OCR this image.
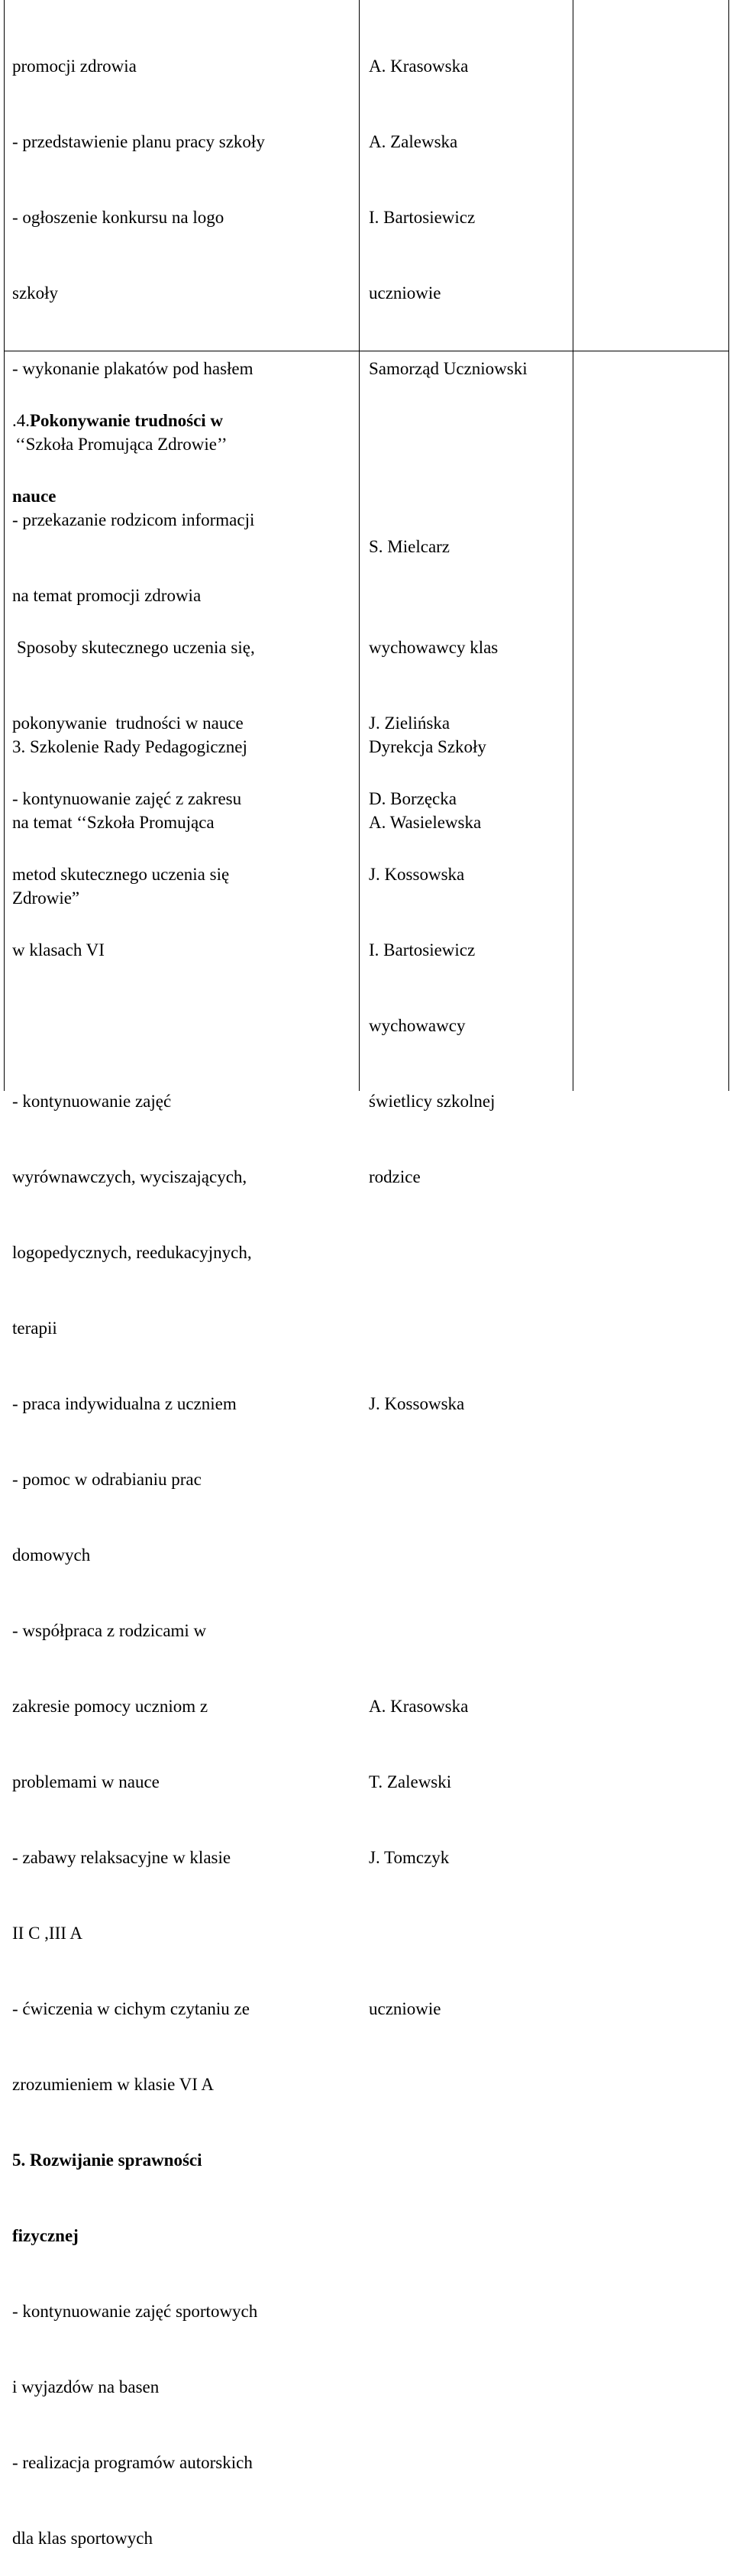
promocji zdrowia

- przedstawienie planu pracy szkoły

- ogłoszenie konkursu na logo

szkoły

- wykonanie plakatów pod hasłem

‘‘Szkoła Promująca Zdrowie’’

- przekazanie rodzicom informacji

na temat promocji zdrowia

3. Szkolenie Rady Pedagogicznej

na temat ‘‘Szkoła Promująca

Zdrowie”

A. Krasowska

A. Zalewska

I. Bartosiewicz

uczniowie

Samorząd Uczniowski

Dyrekcja Szkoły

A. Wasielewska

.4.Pokonywanie trudności w

nauce

Sposoby skutecznego uczenia się,

pokonywanie  trudności w nauce

- kontynuowanie zajęć z zakresu

metod skutecznego uczenia się

w klasach VI

- kontynuowanie zajęć

wyrównawczych, wyciszających,

logopedycznych, reedukacyjnych,

terapii

- praca indywidualna z uczniem

- pomoc w odrabianiu prac

domowych

- współpraca z rodzicami w

zakresie pomocy uczniom z

problemami w nauce

- zabawy relaksacyjne w klasie

II C ,III A

- ćwiczenia w cichym czytaniu ze

zrozumieniem w klasie VI A

5. Rozwijanie sprawności

fizycznej

- kontynuowanie zajęć sportowych

i wyjazdów na basen

- realizacja programów autorskich

dla klas sportowych

S. Mielcarz

wychowawcy klas

J. Zielińska

D. Borzęcka

J. Kossowska

I. Bartosiewicz

wychowawcy

świetlicy szkolnej

rodzice

J. Kossowska

A. Krasowska

T. Zalewski

J. Tomczyk

uczniowie
